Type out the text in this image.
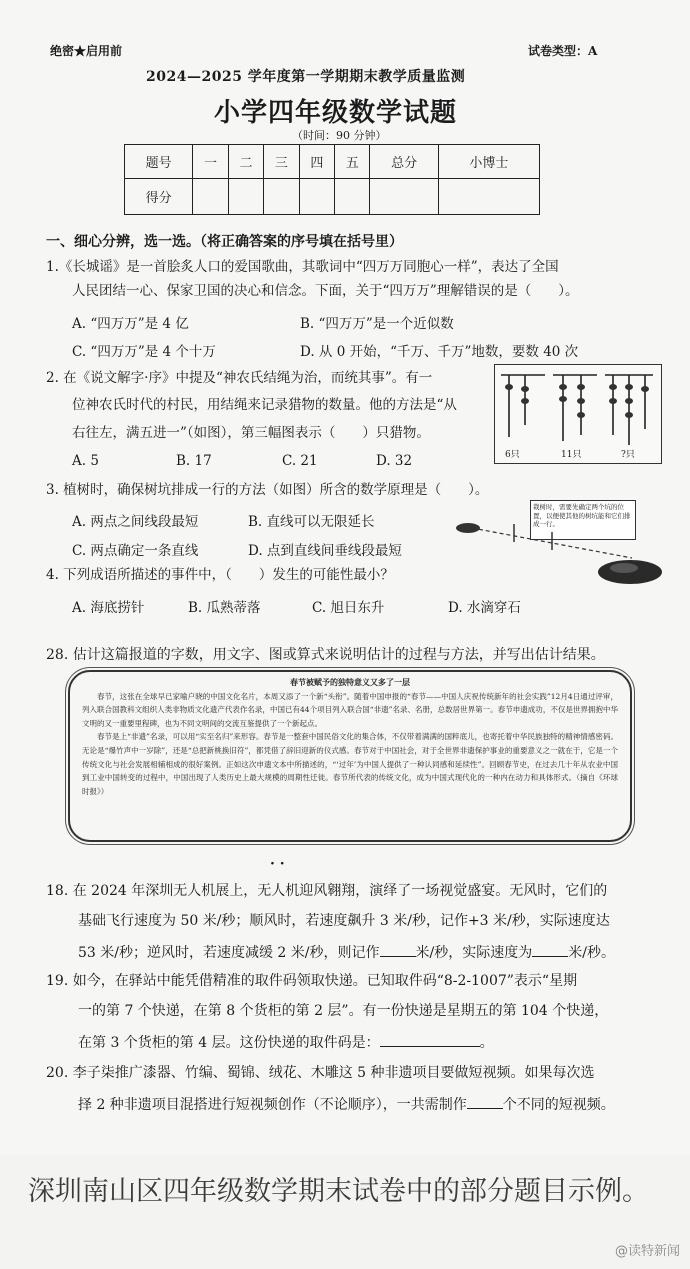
绝密★启用前	试卷类型：A
2024—2025 学年度第一学期期末教学质量监测
小学四年级数学试题
（时间：90 分钟）
题号	一	二	三	四	五	总分	小博士
得分							
一、细心分辨，选一选。（将正确答案的序号填在括号里）
1.《长城谣》是一首脍炙人口的爱国歌曲，其歌词中“四万万同胞心一样”，表达了全国
人民团结一心、保家卫国的决心和信念。下面，关于“四万万”理解错误的是（　　）。
A. “四万万”是 4 亿	B. “四万万”是一个近似数
C. “四万万”是 4 个十万	D. 从 0 开始，“千万、千万”地数，要数 40 次
2. 在《说文解字·序》中提及“神农氏结绳为治，而统其事”。有一
位神农氏时代的村民，用结绳来记录猎物的数量。他的方法是“从
右往左，满五进一”（如图），第三幅图表示（　　）只猎物。
A. 5	B. 17	C. 21	D. 32	6只	11只	?只
3. 植树时，确保树坑排成一行的方法（如图）所含的数学原理是（　　）。
A. 两点之间线段最短	B. 直线可以无限延长
C. 两点确定一条直线	D. 点到直线间垂线段最短
栽树时，需要先确定两个坑的位置，以便使其他的树坑能和它们排成一行。
4. 下列成语所描述的事件中，（　　）发生的可能性最小？
A. 海底捞针	B. 瓜熟蒂落	C. 旭日东升	D. 水滴穿石
28. 估计这篇报道的字数，用文字、图或算式来说明估计的过程与方法，并写出估计结果。
春节被赋予的独特意义又多了一层

春节，这张在全球早已家喻户晓的中国文化名片，本周又添了一个新“头衔”。随着中国申报的“春节——中国人庆祝传统新年的社会实践”12月4日通过评审，列入联合国教科文组织人类非物质文化遗产代表作名录，中国已有44个项目列入联合国“非遗”名录、名册，总数居世界第一。春节申遗成功，不仅是世界拥抱中华文明的又一重要里程碑，也为不同文明间的交流互鉴提供了一个新起点。

春节是上“非遗”名录，可以用“实至名归”来形容。春节是一整套中国民俗文化的集合体，不仅带着满满的国粹底儿，也寄托着中华民族独特的精神情感密码。无论是“爆竹声中一岁除”，还是“总把新桃换旧符”，都凭借了辞旧迎新的仪式感。春节对于中国社会，对于全世界非遗保护事业的重要意义之一就在于，它是一个传统文化与社会发展相辅相成的很好案例。正如这次申遗文本中所描述的，“‘过年’为中国人提供了一种认同感和延续性”。回顾春节史，在过去几十年从农业中国到工业中国转变的过程中，中国出现了人类历史上最大规模的周期性迁徙。春节所代表的传统文化，成为中国式现代化的一种内在动力和具体形式。（摘自《环球时报》）

· ·
18. 在 2024 年深圳无人机展上，无人机迎风翱翔，演绎了一场视觉盛宴。无风时，它们的
基础飞行速度为 50 米/秒；顺风时，若速度飙升 3 米/秒，记作+3 米/秒，实际速度达
53 米/秒；逆风时，若速度减缓 2 米/秒，则记作	米/秒，实际速度为	米/秒。
19. 如今，在驿站中能凭借精准的取件码领取快递。已知取件码“8-2-1007”表示“星期
一的第 7 个快递，在第 8 个货柜的第 2 层”。有一份快递是星期五的第 104 个快递，
在第 3 个货柜的第 4 层。这份快递的取件码是：	。
20. 李子柒推广漆器、竹编、蜀锦、绒花、木雕这 5 种非遗项目要做短视频。如果每次选
择 2 种非遗项目混搭进行短视频创作（不论顺序），一共需制作	个不同的短视频。
深圳南山区四年级数学期末试卷中的部分题目示例。
@读特新闻
